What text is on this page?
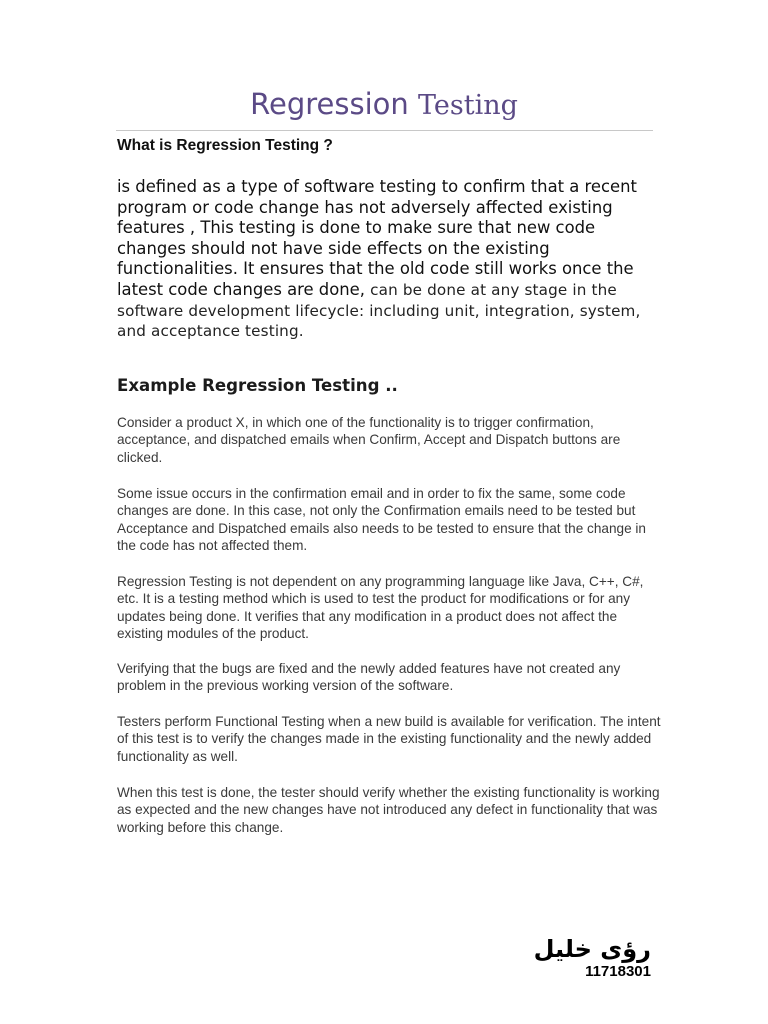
Regression Testing
What is Regression Testing ?

is defined as a type of software testing to confirm that a recent program or code change has not adversely affected existing features , This testing is done to make sure that new code changes should not have side effects on the existing functionalities. It ensures that the old code still works once the latest code changes are done, can be done at any stage in the software development lifecycle: including unit, integration, system, and acceptance testing.

Example Regression Testing ..

Consider a product X, in which one of the functionality is to trigger confirmation, acceptance, and dispatched emails when Confirm, Accept and Dispatch buttons are clicked.

Some issue occurs in the confirmation email and in order to fix the same, some code changes are done. In this case, not only the Confirmation emails need to be tested but Acceptance and Dispatched emails also needs to be tested to ensure that the change in the code has not affected them.

Regression Testing is not dependent on any programming language like Java, C++, C#, etc. It is a testing method which is used to test the product for modifications or for any updates being done. It verifies that any modification in a product does not affect the existing modules of the product.

Verifying that the bugs are fixed and the newly added features have not created any problem in the previous working version of the software.

Testers perform Functional Testing when a new build is available for verification. The intent of this test is to verify the changes made in the existing functionality and the newly added functionality as well.

When this test is done, the tester should verify whether the existing functionality is working as expected and the new changes have not introduced any defect in functionality that was working before this change.

رؤى خليل
11718301
